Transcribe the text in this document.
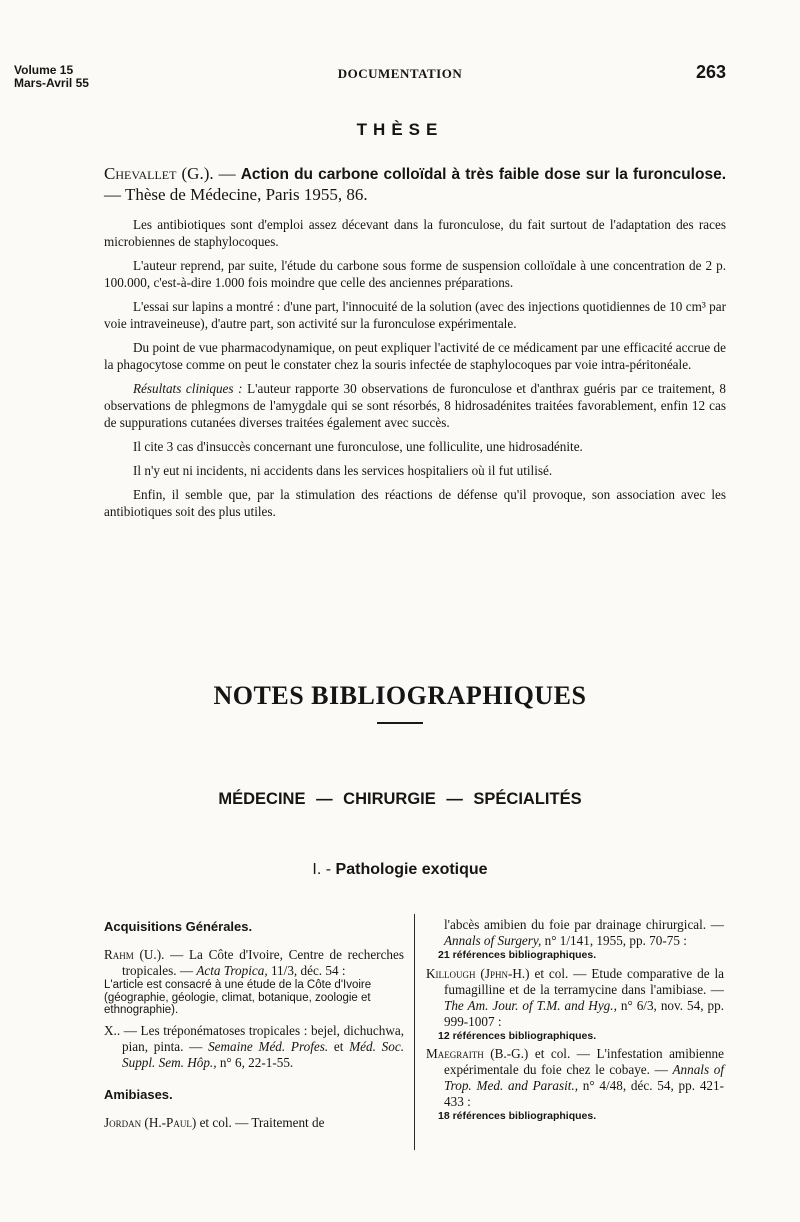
Volume 15
Mars-Avril 55
DOCUMENTATION	263
THÈSE
Chevallet (G.). — Action du carbone colloïdal à très faible dose sur la furonculose. — Thèse de Médecine, Paris 1955, 86.

Les antibiotiques sont d'emploi assez décevant dans la furonculose, du fait surtout de l'adaptation des races microbiennes de staphylocoques.

L'auteur reprend, par suite, l'étude du carbone sous forme de suspension colloïdale à une concentration de 2 p. 100.000, c'est-à-dire 1.000 fois moindre que celle des anciennes préparations.

L'essai sur lapins a montré : d'une part, l'innocuité de la solution (avec des injections quotidiennes de 10 cm³ par voie intraveineuse), d'autre part, son activité sur la furonculose expérimentale.

Du point de vue pharmacodynamique, on peut expliquer l'activité de ce médicament par une efficacité accrue de la phagocytose comme on peut le constater chez la souris infectée de staphylocoques par voie intra-péritonéale.

Résultats cliniques : L'auteur rapporte 30 observations de furonculose et d'anthrax guéris par ce traitement, 8 observations de phlegmons de l'amygdale qui se sont résorbés, 8 hidrosadénites traitées favorablement, enfin 12 cas de suppurations cutanées diverses traitées également avec succès.

Il cite 3 cas d'insuccès concernant une furonculose, une folliculite, une hidrosadénite.

Il n'y eut ni incidents, ni accidents dans les services hospitaliers où il fut utilisé.

Enfin, il semble que, par la stimulation des réactions de défense qu'il provoque, son association avec les antibiotiques soit des plus utiles.

NOTES BIBLIOGRAPHIQUES
MÉDECINE — CHIRURGIE — SPÉCIALITÉS
I. - Pathologie exotique
Acquisitions Générales.

Rahm (U.). — La Côte d'Ivoire, Centre de recherches tropicales. — Acta Tropica, 11/3, déc. 54 :

L'article est consacré à une étude de la Côte d'Ivoire (géographie, géologie, climat, botanique, zoologie et ethnographie).

X.. — Les tréponématoses tropicales : bejel, dichuchwa, pian, pinta. — Semaine Méd. Profes. et Méd. Soc. Suppl. Sem. Hôp., n° 6, 22-1-55.

Amibiases.

Jordan (H.-Paul) et col. — Traitement de

l'abcès amibien du foie par drainage chirurgical. — Annals of Surgery, n° 1/141, 1955, pp. 70-75 :

21 références bibliographiques.

Killough (Jphn-H.) et col. — Etude comparative de la fumagilline et de la terramycine dans l'amibiase. — The Am. Jour. of T.M. and Hyg., n° 6/3, nov. 54, pp. 999-1007 :

12 références bibliographiques.

Maegraith (B.-G.) et col. — L'infestation amibienne expérimentale du foie chez le cobaye. — Annals of Trop. Med. and Parasit., n° 4/48, déc. 54, pp. 421-433 :

18 références bibliographiques.
